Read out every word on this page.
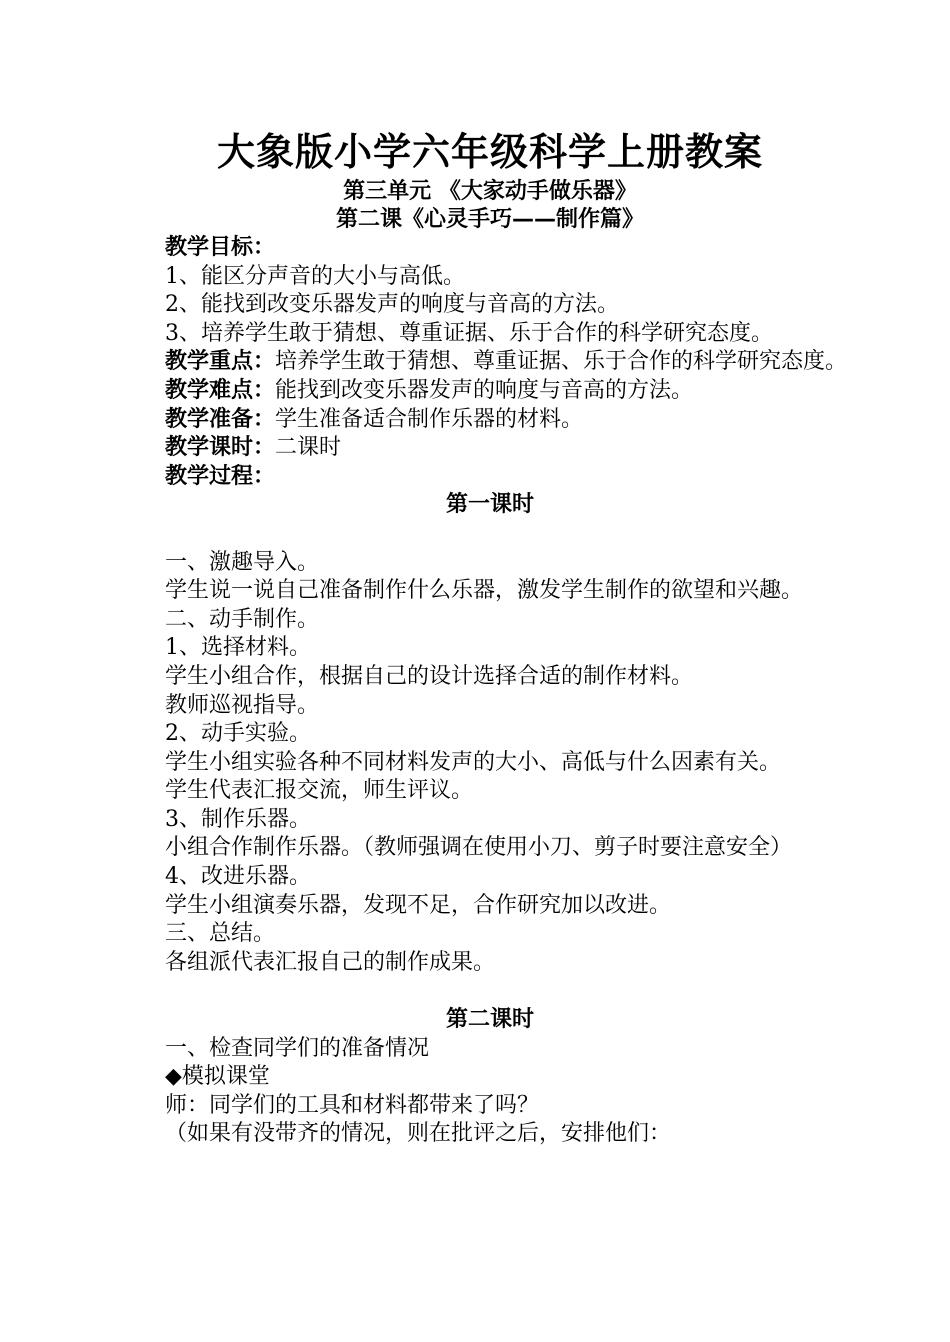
大象版小学六年级科学上册教案

第三单元 《大家动手做乐器》

第二课《心灵手巧——制作篇》

教学目标：

1、能区分声音的大小与高低。

2、能找到改变乐器发声的响度与音高的方法。

3、培养学生敢于猜想、尊重证据、乐于合作的科学研究态度。

教学重点：培养学生敢于猜想、尊重证据、乐于合作的科学研究态度。

教学难点：能找到改变乐器发声的响度与音高的方法。

教学准备：学生准备适合制作乐器的材料。

教学课时：二课时

教学过程：

第一课时

一、激趣导入。

学生说一说自己准备制作什么乐器，激发学生制作的欲望和兴趣。

二、动手制作。

1、选择材料。

学生小组合作，根据自己的设计选择合适的制作材料。

教师巡视指导。

2、动手实验。

学生小组实验各种不同材料发声的大小、高低与什么因素有关。

学生代表汇报交流，师生评议。

3、制作乐器。

小组合作制作乐器。（教师强调在使用小刀、剪子时要注意安全）

4、改进乐器。

学生小组演奏乐器，发现不足，合作研究加以改进。

三、总结。

各组派代表汇报自己的制作成果。

第二课时

一、检查同学们的准备情况

◆模拟课堂

师：同学们的工具和材料都带来了吗？

（如果有没带齐的情况，则在批评之后，安排他们：
